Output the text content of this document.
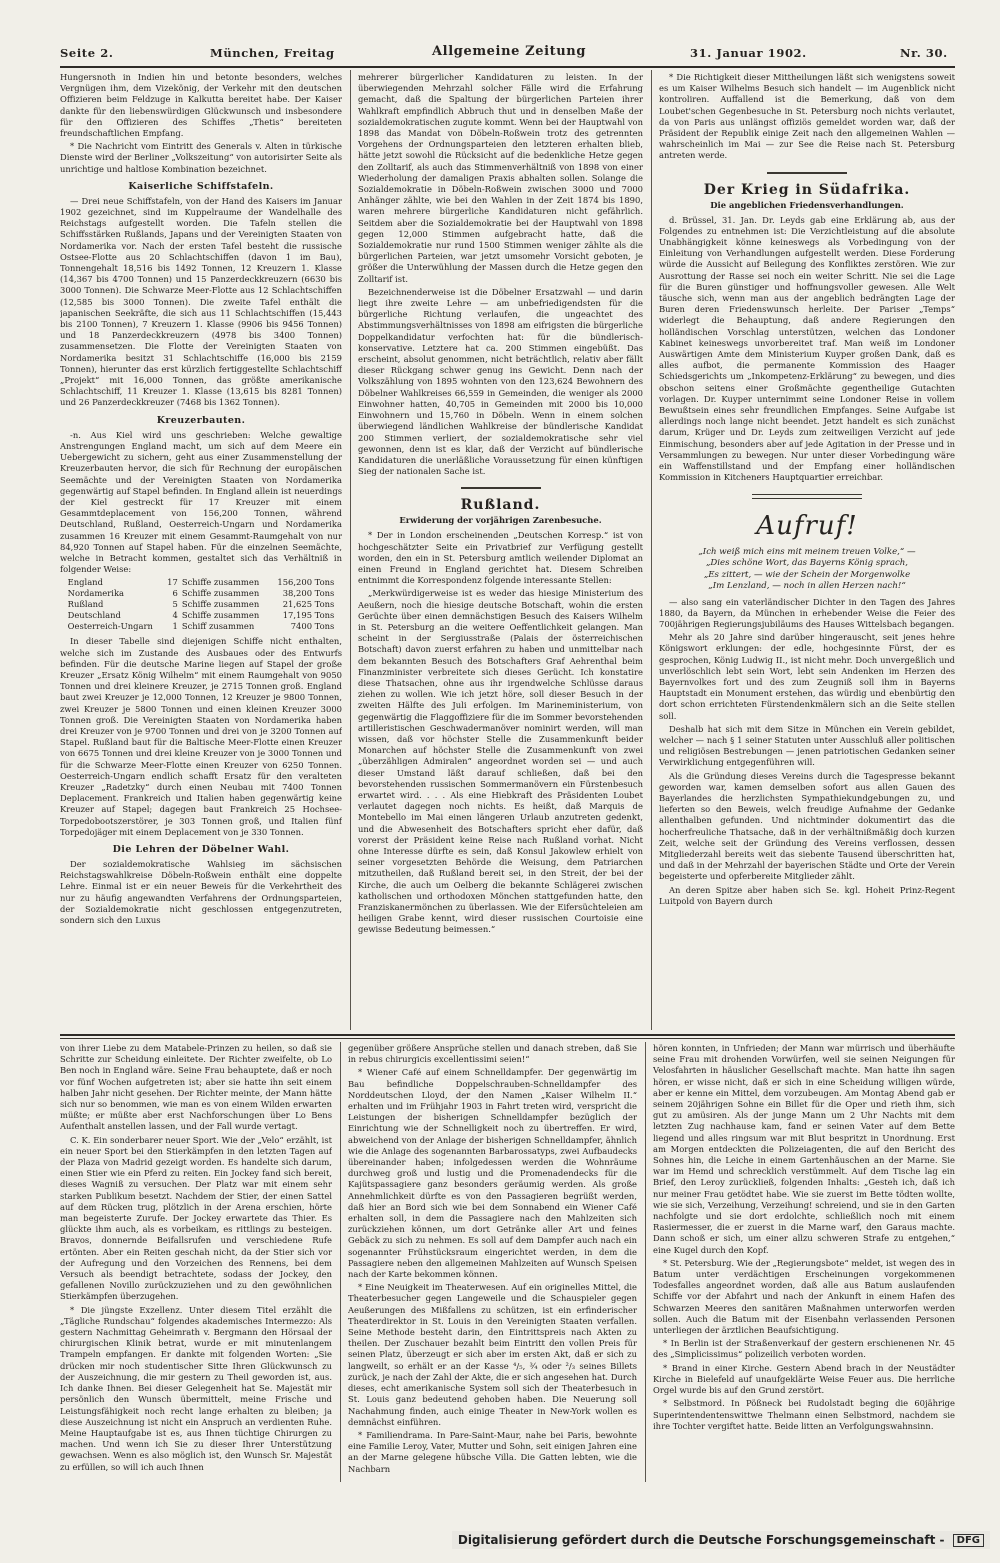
Seite 2.	München, Freitag	Allgemeine Zeitung	31. Januar 1902.	Nr. 30.

Hungersnoth in Indien hin und betonte besonders, welches Vergnügen ihm, dem Vizekönig, der Verkehr mit den deutschen Offizieren beim Feldzuge in Kalkutta bereitet habe. Der Kaiser dankte für den liebenswürdigen Glückwunsch und insbesondere für den Offizieren des Schiffes „Thetis“ bereiteten freundschaftlichen Empfang.

* Die Nachricht vom Eintritt des Generals v. Alten in türkische Dienste wird der Berliner „Volkszeitung“ von autorisirter Seite als unrichtige und haltlose Kombination bezeichnet.

Kaiserliche Schiffstafeln.

— Drei neue Schiffstafeln, von der Hand des Kaisers im Januar 1902 gezeichnet, sind im Kuppelraume der Wandelhalle des Reichstags aufgestellt worden. Die Tafeln stellen die Schiffsstärken Rußlands, Japans und der Vereinigten Staaten von Nordamerika vor. Nach der ersten Tafel besteht die russische Ostsee-Flotte aus 20 Schlachtschiffen (davon 1 im Bau), Tonnengehalt 18,516 bis 1492 Tonnen, 12 Kreuzern 1. Klasse (14,367 bis 4700 Tonnen) und 15 Panzerdeckkreuzern (6630 bis 3000 Tonnen). Die Schwarze Meer-Flotte aus 12 Schlachtschiffen (12,585 bis 3000 Tonnen). Die zweite Tafel enthält die japanischen Seekräfte, die sich aus 11 Schlachtschiffen (15,443 bis 2100 Tonnen), 7 Kreuzern 1. Klasse (9906 bis 9456 Tonnen) und 18 Panzerdeckkreuzern (4978 bis 3400 Tonnen) zusammensetzen. Die Flotte der Vereinigten Staaten von Nordamerika besitzt 31 Schlachtschiffe (16,000 bis 2159 Tonnen), hierunter das erst kürzlich fertiggestellte Schlachtschiff „Projekt“ mit 16,000 Tonnen, das größte amerikanische Schlachtschiff, 11 Kreuzer 1. Klasse (13,615 bis 8281 Tonnen) und 26 Panzerdeckkreuzer (7468 bis 1362 Tonnen).

Kreuzerbauten.

-n. Aus Kiel wird uns geschrieben: Welche gewaltige Anstrengungen England macht, um sich auf dem Meere ein Uebergewicht zu sichern, geht aus einer Zusammenstellung der Kreuzerbauten hervor, die sich für Rechnung der europäischen Seemächte und der Vereinigten Staaten von Nordamerika gegenwärtig auf Stapel befinden. In England allein ist neuerdings der Kiel gestreckt für 17 Kreuzer mit einem Gesammtdeplacement von 156,200 Tonnen, während Deutschland, Rußland, Oesterreich-Ungarn und Nordamerika zusammen 16 Kreuzer mit einem Gesammt-Raumgehalt von nur 84,920 Tonnen auf Stapel haben. Für die einzelnen Seemächte, welche in Betracht kommen, gestaltet sich das Verhältniß in folgender Weise:

England	17	Schiffe zusammen	156,200 Tons
Nordamerika	6	Schiffe zusammen	38,200 Tons
Rußland	5	Schiffe zusammen	21,625 Tons
Deutschland	4	Schiffe zusammen	17,195 Tons
Oesterreich-Ungarn	1	Schiff zusammen	7400 Tons

In dieser Tabelle sind diejenigen Schiffe nicht enthalten, welche sich im Zustande des Ausbaues oder des Entwurfs befinden. Für die deutsche Marine liegen auf Stapel der große Kreuzer „Ersatz König Wilhelm“ mit einem Raumgehalt von 9050 Tonnen und drei kleinere Kreuzer, je 2715 Tonnen groß. England baut zwei Kreuzer je 12,000 Tonnen, 12 Kreuzer je 9800 Tonnen, zwei Kreuzer je 5800 Tonnen und einen kleinen Kreuzer 3000 Tonnen groß. Die Vereinigten Staaten von Nordamerika haben drei Kreuzer von je 9700 Tonnen und drei von je 3200 Tonnen auf Stapel. Rußland baut für die Baltische Meer-Flotte einen Kreuzer von 6675 Tonnen und drei kleine Kreuzer von je 3000 Tonnen und für die Schwarze Meer-Flotte einen Kreuzer von 6250 Tonnen. Oesterreich-Ungarn endlich schafft Ersatz für den veralteten Kreuzer „Radetzky“ durch einen Neubau mit 7400 Tonnen Deplacement. Frankreich und Italien haben gegenwärtig keine Kreuzer auf Stapel; dagegen baut Frankreich 25 Hochsee-Torpedobootszerstörer, je 303 Tonnen groß, und Italien fünf Torpedojäger mit einem Deplacement von je 330 Tonnen.

Die Lehren der Döbelner Wahl.

Der sozialdemokratische Wahlsieg im sächsischen Reichstagswahlkreise Döbeln-Roßwein enthält eine doppelte Lehre. Einmal ist er ein neuer Beweis für die Verkehrtheit des nur zu häufig angewandten Verfahrens der Ordnungsparteien, der Sozialdemokratie nicht geschlossen entgegenzutreten, sondern sich den Luxus

mehrerer bürgerlicher Kandidaturen zu leisten. In der überwiegenden Mehrzahl solcher Fälle wird die Erfahrung gemacht, daß die Spaltung der bürgerlichen Parteien ihrer Wahlkraft empfindlich Abbruch thut und in denselben Maße der sozialdemokratischen zugute kommt. Wenn bei der Hauptwahl von 1898 das Mandat von Döbeln-Roßwein trotz des getrennten Vorgehens der Ordnungsparteien den letzteren erhalten blieb, hätte jetzt sowohl die Rücksicht auf die bedenkliche Hetze gegen den Zolltarif, als auch das Stimmenverhältniß von 1898 von einer Wiederholung der damaligen Praxis abhalten sollen. Solange die Sozialdemokratie in Döbeln-Roßwein zwischen 3000 und 7000 Anhänger zählte, wie bei den Wahlen in der Zeit 1874 bis 1890, waren mehrere bürgerliche Kandidaturen nicht gefährlich. Seitdem aber die Sozialdemokratie bei der Hauptwahl von 1898 gegen 12,000 Stimmen aufgebracht hatte, daß die Sozialdemokratie nur rund 1500 Stimmen weniger zählte als die bürgerlichen Parteien, war jetzt umsomehr Vorsicht geboten, je größer die Unterwühlung der Massen durch die Hetze gegen den Zolltarif ist.

Bezeichnenderweise ist die Döbelner Ersatzwahl — und darin liegt ihre zweite Lehre — am unbefriedigendsten für die bürgerliche Richtung verlaufen, die ungeachtet des Abstimmungsverhältnisses von 1898 am eifrigsten die bürgerliche Doppelkandidatur verfochten hat: für die bündlerisch-konservative. Letztere hat ca. 200 Stimmen eingebüßt. Das erscheint, absolut genommen, nicht beträchtlich, relativ aber fällt dieser Rückgang schwer genug ins Gewicht. Denn nach der Volkszählung von 1895 wohnten von den 123,624 Bewohnern des Döbelner Wahlkreises 66,559 in Gemeinden, die weniger als 2000 Einwohner hatten, 40,705 in Gemeinden mit 2000 bis 10,000 Einwohnern und 15,760 in Döbeln. Wenn in einem solchen überwiegend ländlichen Wahlkreise der bündlerische Kandidat 200 Stimmen verliert, der sozialdemokratische sehr viel gewonnen, denn ist es klar, daß der Verzicht auf bündlerische Kandidaturen die unerläßliche Voraussetzung für einen künftigen Sieg der nationalen Sache ist.

Rußland.
Erwiderung der vorjährigen Zarenbesuche.

* Der in London erscheinenden „Deutschen Korresp.“ ist von hochgeschätzter Seite ein Privatbrief zur Verfügung gestellt worden, den ein in St. Petersburg amtlich weilender Diplomat an einen Freund in England gerichtet hat. Diesem Schreiben entnimmt die Korrespondenz folgende interessante Stellen:

„Merkwürdigerweise ist es weder das hiesige Ministerium des Aeußern, noch die hiesige deutsche Botschaft, wohin die ersten Gerüchte über einen demnächstigen Besuch des Kaisers Wilhelm in St. Petersburg an die weitere Oeffentlichkeit gelangen. Man scheint in der Sergiusstraße (Palais der österreichischen Botschaft) davon zuerst erfahren zu haben und unmittelbar nach dem bekannten Besuch des Botschafters Graf Aehrenthal beim Finanzminister verbreitete sich dieses Gerücht. Ich konstatire diese Thatsachen, ohne aus ihr irgendwelche Schlüsse daraus ziehen zu wollen. Wie ich jetzt höre, soll dieser Besuch in der zweiten Hälfte des Juli erfolgen. Im Marineministerium, von gegenwärtig die Flaggoffiziere für die im Sommer bevorstehenden artilleristischen Geschwadermanöver nominirt werden, will man wissen, daß vor höchster Stelle die Zusammenkunft beider Monarchen auf höchster Stelle die Zusammenkunft von zwei „überzähligen Admiralen“ angeordnet worden sei — und auch dieser Umstand läßt darauf schließen, daß bei den bevorstehenden russischen Sommermanövern ein Fürstenbesuch erwartet wird. . . . Als eine Hiebkraft des Präsidenten Loubet verlautet dagegen noch nichts. Es heißt, daß Marquis de Montebello im Mai einen längeren Urlaub anzutreten gedenkt, und die Abwesenheit des Botschafters spricht eher dafür, daß vorerst der Präsident keine Reise nach Rußland vorhat. Nicht ohne Interesse dürfte es sein, daß Konsul Jakowlew erhielt von seiner vorgesetzten Behörde die Weisung, dem Patriarchen mitzutheilen, daß Rußland bereit sei, in den Streit, der bei der Kirche, die auch um Oelberg die bekannte Schlägerei zwischen katholischen und orthodoxen Mönchen stattgefunden hatte, den Franziskanermönchen zu überlassen. Wie der Eifersüchteleien am heiligen Grabe kennt, wird dieser russischen Courtoisie eine gewisse Bedeutung beimessen.“

* Die Richtigkeit dieser Mittheilungen läßt sich wenigstens soweit es um Kaiser Wilhelms Besuch sich handelt — im Augenblick nicht kontroliren. Auffallend ist die Bemerkung, daß von dem Loubet'schen Gegenbesuche in St. Petersburg noch nichts verlautet, da von Paris aus unlängst offiziös gemeldet worden war, daß der Präsident der Republik einige Zeit nach den allgemeinen Wahlen — wahrscheinlich im Mai — zur See die Reise nach St. Petersburg antreten werde.

Der Krieg in Südafrika.
Die angeblichen Friedensverhandlungen.

d. Brüssel, 31. Jan. Dr. Leyds gab eine Erklärung ab, aus der Folgendes zu entnehmen ist: Die Verzichtleistung auf die absolute Unabhängigkeit könne keineswegs als Vorbedingung von der Einleitung von Verhandlungen aufgestellt werden. Diese Forderung würde die Aussicht auf Beilegung des Konfliktes zerstören. Wie zur Ausrottung der Rasse sei noch ein weiter Schritt. Nie sei die Lage für die Buren günstiger und hoffnungsvoller gewesen. Alle Welt täusche sich, wenn man aus der angeblich bedrängten Lage der Buren deren Friedenswunsch herleite. Der Pariser „Temps“ widerlegt die Behauptung, daß andere Regierungen den holländischen Vorschlag unterstützen, welchen das Londoner Kabinet keineswegs unvorbereitet traf. Man weiß im Londoner Auswärtigen Amte dem Ministerium Kuyper großen Dank, daß es alles aufbot, die permanente Kommission des Haager Schiedsgerichts um „Inkompetenz-Erklärung“ zu bewegen, und dies obschon seitens einer Großmächte gegentheilige Gutachten vorlagen. Dr. Kuyper unternimmt seine Londoner Reise in vollem Bewußtsein eines sehr freundlichen Empfanges. Seine Aufgabe ist allerdings noch lange nicht beendet. Jetzt handelt es sich zunächst darum, Krüger und Dr. Leyds zum zeitweiligen Verzicht auf jede Einmischung, besonders aber auf jede Agitation in der Presse und in Versammlungen zu bewegen. Nur unter dieser Vorbedingung wäre ein Waffenstillstand und der Empfang einer holländischen Kommission in Kitcheners Hauptquartier erreichbar.

Aufruf!
„Ich weiß mich eins mit meinem treuen Volke,“ —
„Dies schöne Wort, das Bayerns König sprach,
„Es zittert, — wie der Schein der Morgenwolke
„Im Lenzland, — noch in allen Herzen nach!“

— also sang ein vaterländischer Dichter in den Tagen des Jahres 1880, da Bayern, da München in erhebender Weise die Feier des 700jährigen Regierungsjubiläums des Hauses Wittelsbach begangen.

Mehr als 20 Jahre sind darüber hingerauscht, seit jenes hehre Königswort erklungen: der edle, hochgesinnte Fürst, der es gesprochen, König Ludwig II., ist nicht mehr. Doch unvergeßlich und unverlöschlich lebt sein Wort, lebt sein Andenken im Herzen des Bayernvolkes fort und des zum Zeugniß soll ihm in Bayerns Hauptstadt ein Monument erstehen, das würdig und ebenbürtig den dort schon errichteten Fürstendenkmälern sich an die Seite stellen soll.

Deshalb hat sich mit dem Sitze in München ein Verein gebildet, welcher — nach § 1 seiner Statuten unter Ausschluß aller politischen und religiösen Bestrebungen — jenen patriotischen Gedanken seiner Verwirklichung entgegenführen will.

Als die Gründung dieses Vereins durch die Tagespresse bekannt geworden war, kamen demselben sofort aus allen Gauen des Bayerlandes die herzlichsten Sympathiekundgebungen zu, und lieferten so den Beweis, welch freudige Aufnahme der Gedanke allenthalben gefunden. Und nichtminder dokumentirt das die hocherfreuliche Thatsache, daß in der verhältnißmäßig doch kurzen Zeit, welche seit der Gründung des Vereins verflossen, dessen Mitgliederzahl bereits weit das siebente Tausend überschritten hat, und daß in der Mehrzahl der bayerischen Städte und Orte der Verein begeisterte und opferbereite Mitglieder zählt.

An deren Spitze aber haben sich Se. kgl. Hoheit Prinz-Regent Luitpold von Bayern durch

von ihrer Liebe zu dem Matabele-Prinzen zu heilen, so daß sie Schritte zur Scheidung einleitete. Der Richter zweifelte, ob Lo Ben noch in England wäre. Seine Frau behauptete, daß er noch vor fünf Wochen aufgetreten ist; aber sie hatte ihn seit einem halben Jahr nicht gesehen. Der Richter meinte, der Mann hätte sich nur so benommen, wie man es von einem Wilden erwarten müßte; er müßte aber erst Nachforschungen über Lo Bens Aufenthalt anstellen lassen, und der Fall wurde vertagt.

C. K. Ein sonderbarer neuer Sport. Wie der „Velo“ erzählt, ist ein neuer Sport bei den Stierkämpfen in den letzten Tagen auf der Plaza von Madrid gezeigt worden. Es handelte sich darum, einen Stier wie ein Pferd zu reiten. Ein Jockey fand sich bereit, dieses Wagniß zu versuchen. Der Platz war mit einem sehr starken Publikum besetzt. Nachdem der Stier, der einen Sattel auf dem Rücken trug, plötzlich in der Arena erschien, hörte man begeisterte Zurufe. Der Jockey erwartete das Thier. Es glückte ihm auch, als es vorbeikam, es rittlings zu besteigen. Bravos, donnernde Beifallsrufen und verschiedene Rufe ertönten. Aber ein Reiten geschah nicht, da der Stier sich vor der Aufregung und den Vorzeichen des Rennens, bei dem Versuch als beendigt betrachtete, sodass der Jockey, den gefallenen Novillo zurückzuziehen und zu den gewöhnlichen Stierkämpfen überzugehen.

* Die jüngste Exzellenz. Unter diesem Titel erzählt die „Tägliche Rundschau“ folgendes akademisches Intermezzo: Als gestern Nachmittag Geheimrath v. Bergmann den Hörsaal der chirurgischen Klinik betrat, wurde er mit minutenlangem Trampeln empfangen. Er dankte mit folgenden Worten: „Sie drücken mir noch studentischer Sitte Ihren Glückwunsch zu der Auszeichnung, die mir gestern zu Theil geworden ist, aus. Ich danke Ihnen. Bei dieser Gelegenheit hat Se. Majestät mir persönlich den Wunsch übermittelt, meine Frische und Leistungsfähigkeit noch recht lange erhalten zu bleiben; ja diese Auszeichnung ist nicht ein Anspruch an verdienten Ruhe. Meine Hauptaufgabe ist es, aus Ihnen tüchtige Chirurgen zu machen. Und wenn ich Sie zu dieser Ihrer Unterstützung gewachsen. Wenn es also möglich ist, den Wunsch Sr. Majestät zu erfüllen, so will ich auch Ihnen

gegenüber größere Ansprüche stellen und danach streben, daß Sie in rebus chirurgicis excellentissimi seien!“

* Wiener Café auf einem Schnelldampfer. Der gegenwärtig im Bau befindliche Doppelschrauben-Schnelldampfer des Norddeutschen Lloyd, der den Namen „Kaiser Wilhelm II.“ erhalten und im Frühjahr 1903 in Fahrt treten wird, verspricht die Leistungen der bisherigen Schnelldampfer bezüglich der Einrichtung wie der Schnelligkeit noch zu übertreffen. Er wird, abweichend von der Anlage der bisherigen Schnelldampfer, ähnlich wie die Anlage des sogenannten Barbarossatyps, zwei Aufbaudecks übereinander haben; infolgedessen werden die Wohnräume durchweg groß und lustig und die Promenadendecks für die Kajütspassagiere ganz besonders geräumig werden. Als große Annehmlichkeit dürfte es von den Passagieren begrüßt werden, daß hier an Bord sich wie bei dem Sonnabend ein Wiener Café erhalten soll, in dem die Passagiere nach den Mahlzeiten sich zurückziehen können, um dort Getränke aller Art und feines Gebäck zu sich zu nehmen. Es soll auf dem Dampfer auch nach ein sogenannter Frühstücksraum eingerichtet werden, in dem die Passagiere neben den allgemeinen Mahlzeiten auf Wunsch Speisen nach der Karte bekommen können.

* Eine Neuigkeit im Theaterwesen. Auf ein originelles Mittel, die Theaterbesucher gegen Langeweile und die Schauspieler gegen Aeußerungen des Mißfallens zu schützen, ist ein erfinderischer Theaterdirektor in St. Louis in den Vereinigten Staaten verfallen. Seine Methode besteht darin, den Eintrittspreis nach Akten zu theilen. Der Zuschauer bezahlt beim Eintritt den vollen Preis für seinen Platz, überzeugt er sich aber im ersten Akt, daß er sich zu langweilt, so erhält er an der Kasse ⁴/₅, ¾ oder ²/₃ seines Billets zurück, je nach der Zahl der Akte, die er sich angesehen hat. Durch dieses, echt amerikanische System soll sich der Theaterbesuch in St. Louis ganz bedeutend gehoben haben. Die Neuerung soll Nachahmung finden, auch einige Theater in New-York wollen es demnächst einführen.

* Familiendrama. In Pare-Saint-Maur, nahe bei Paris, bewohnte eine Familie Leroy, Vater, Mutter und Sohn, seit einigen Jahren eine an der Marne gelegene hübsche Villa. Die Gatten lebten, wie die Nachbarn

hören konnten, in Unfrieden; der Mann war mürrisch und überhäufte seine Frau mit drohenden Vorwürfen, weil sie seinen Neigungen für Velosfahrten in häuslicher Gesellschaft machte. Man hatte ihn sagen hören, er wisse nicht, daß er sich in eine Scheidung willigen würde, aber er kenne ein Mittel, dem vorzubeugen. Am Montag Abend gab er seinem 20jährigen Sohne ein Billet für die Oper und rieth ihm, sich gut zu amüsiren. Als der junge Mann um 2 Uhr Nachts mit dem letzten Zug nachhause kam, fand er seinen Vater auf dem Bette liegend und alles ringsum war mit Blut bespritzt in Unordnung. Erst am Morgen entdeckten die Polizeiagenten, die auf den Bericht des Sohnes hin, die Leiche in einem Gartenhäuschen an der Marne. Sie war im Hemd und schrecklich verstümmelt. Auf dem Tische lag ein Brief, den Leroy zurückließ, folgenden Inhalts: „Gesteh ich, daß ich nur meiner Frau getödtet habe. Wie sie zuerst im Bette tödten wollte, wie sie sich, Verzeihung, Verzeihung! schreiend, und sie in den Garten nachfolgte und sie dort erdolchte, schließlich noch mit einem Rasiermesser, die er zuerst in die Marne warf, den Garaus machte. Dann schoß er sich, um einer allzu schweren Strafe zu entgehen,“ eine Kugel durch den Kopf.

* St. Petersburg. Wie der „Regierungsbote“ meldet, ist wegen des in Batum unter verdächtigen Erscheinungen vorgekommenen Todesfalles angeordnet worden, daß alle aus Batum auslaufenden Schiffe vor der Abfahrt und nach der Ankunft in einem Hafen des Schwarzen Meeres den sanitären Maßnahmen unterworfen werden sollen. Auch die Batum mit der Eisenbahn verlassenden Personen unterliegen der ärztlichen Beaufsichtigung.

* In Berlin ist der Straßenverkauf der gestern erschienenen Nr. 45 des „Simplicissimus“ polizeilich verboten worden.

* Brand in einer Kirche. Gestern Abend brach in der Neustädter Kirche in Bielefeld auf unaufgeklärte Weise Feuer aus. Die herrliche Orgel wurde bis auf den Grund zerstört.

* Selbstmord. In Pößneck bei Rudolstadt beging die 60jährige Superintendentenswittwe Thelmann einen Selbstmord, nachdem sie ihre Tochter vergiftet hatte. Beide litten an Verfolgungswahnsinn.

Digitalisierung gefördert durch die Deutsche Forschungsgemeinschaft - DFG
